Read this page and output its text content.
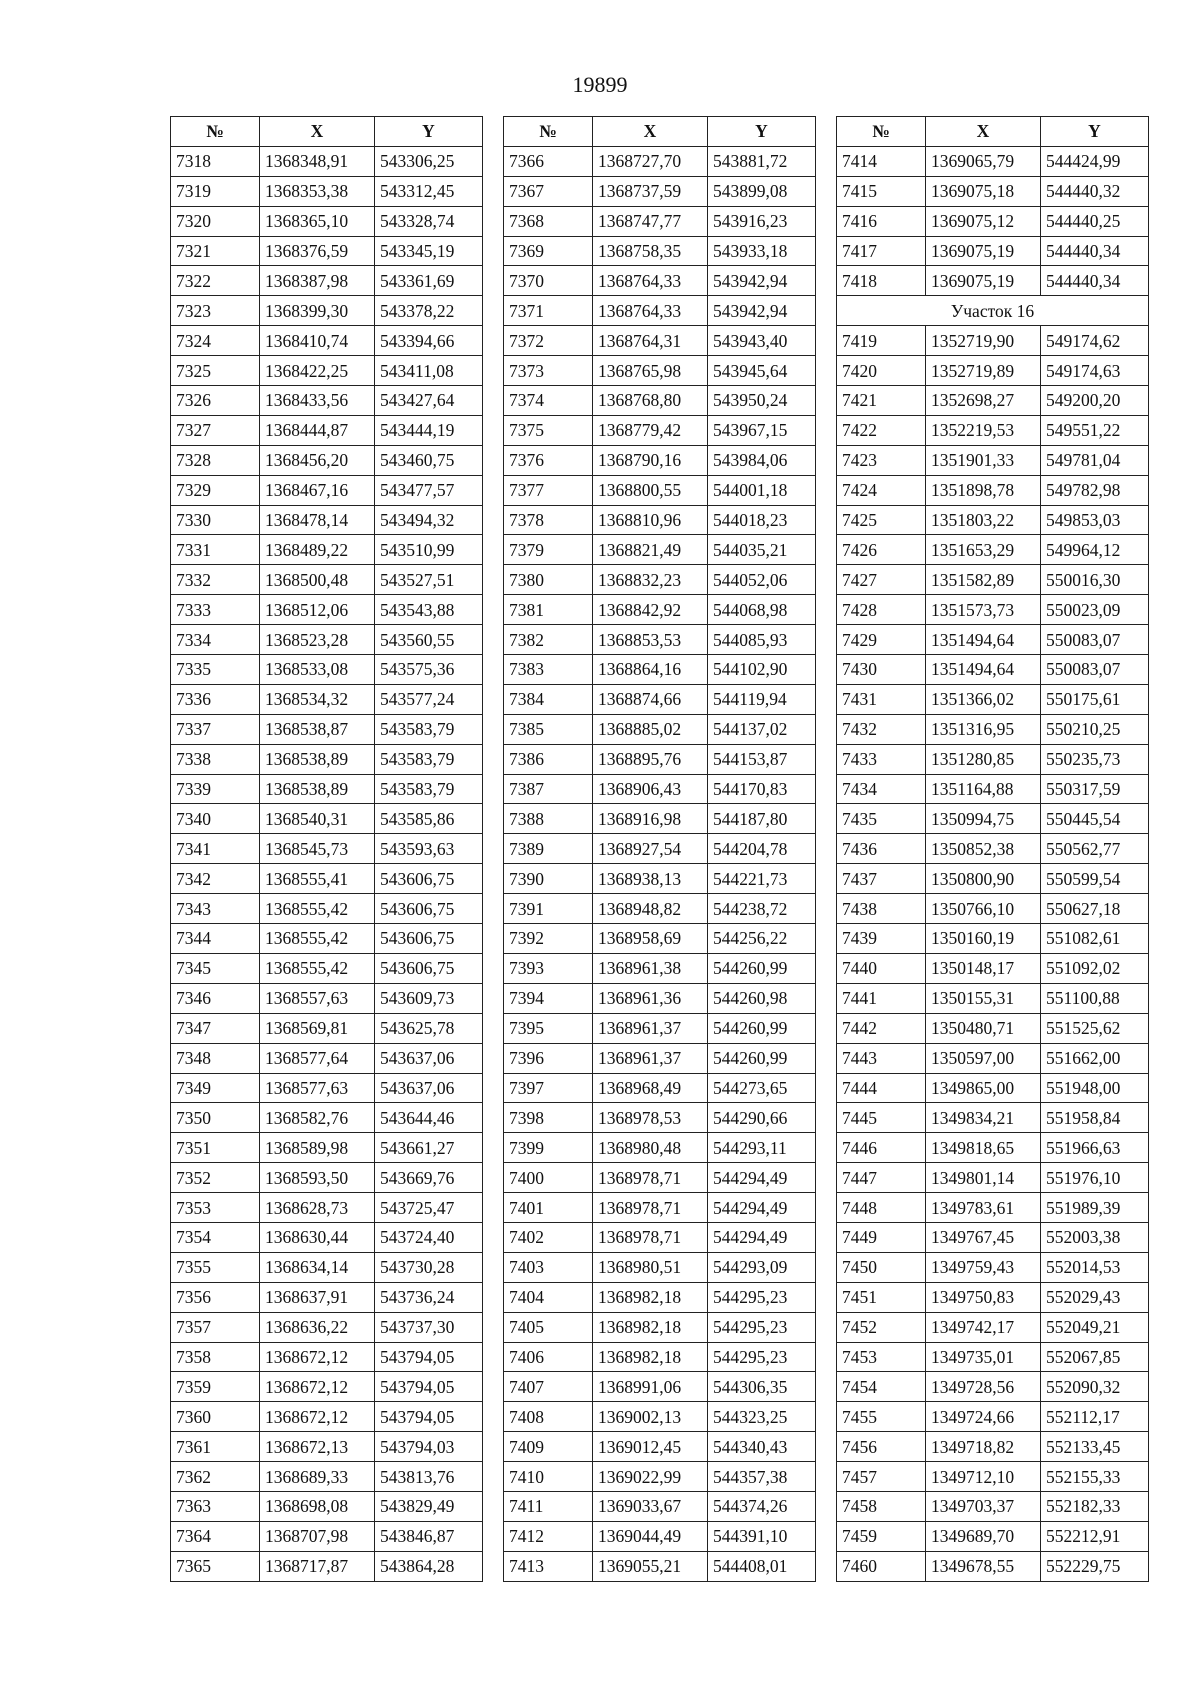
19899
№	X	Y
7318	1368348,91	543306,25
7319	1368353,38	543312,45
7320	1368365,10	543328,74
7321	1368376,59	543345,19
7322	1368387,98	543361,69
7323	1368399,30	543378,22
7324	1368410,74	543394,66
7325	1368422,25	543411,08
7326	1368433,56	543427,64
7327	1368444,87	543444,19
7328	1368456,20	543460,75
7329	1368467,16	543477,57
7330	1368478,14	543494,32
7331	1368489,22	543510,99
7332	1368500,48	543527,51
7333	1368512,06	543543,88
7334	1368523,28	543560,55
7335	1368533,08	543575,36
7336	1368534,32	543577,24
7337	1368538,87	543583,79
7338	1368538,89	543583,79
7339	1368538,89	543583,79
7340	1368540,31	543585,86
7341	1368545,73	543593,63
7342	1368555,41	543606,75
7343	1368555,42	543606,75
7344	1368555,42	543606,75
7345	1368555,42	543606,75
7346	1368557,63	543609,73
7347	1368569,81	543625,78
7348	1368577,64	543637,06
7349	1368577,63	543637,06
7350	1368582,76	543644,46
7351	1368589,98	543661,27
7352	1368593,50	543669,76
7353	1368628,73	543725,47
7354	1368630,44	543724,40
7355	1368634,14	543730,28
7356	1368637,91	543736,24
7357	1368636,22	543737,30
7358	1368672,12	543794,05
7359	1368672,12	543794,05
7360	1368672,12	543794,05
7361	1368672,13	543794,03
7362	1368689,33	543813,76
7363	1368698,08	543829,49
7364	1368707,98	543846,87
7365	1368717,87	543864,28
№	X	Y
7366	1368727,70	543881,72
7367	1368737,59	543899,08
7368	1368747,77	543916,23
7369	1368758,35	543933,18
7370	1368764,33	543942,94
7371	1368764,33	543942,94
7372	1368764,31	543943,40
7373	1368765,98	543945,64
7374	1368768,80	543950,24
7375	1368779,42	543967,15
7376	1368790,16	543984,06
7377	1368800,55	544001,18
7378	1368810,96	544018,23
7379	1368821,49	544035,21
7380	1368832,23	544052,06
7381	1368842,92	544068,98
7382	1368853,53	544085,93
7383	1368864,16	544102,90
7384	1368874,66	544119,94
7385	1368885,02	544137,02
7386	1368895,76	544153,87
7387	1368906,43	544170,83
7388	1368916,98	544187,80
7389	1368927,54	544204,78
7390	1368938,13	544221,73
7391	1368948,82	544238,72
7392	1368958,69	544256,22
7393	1368961,38	544260,99
7394	1368961,36	544260,98
7395	1368961,37	544260,99
7396	1368961,37	544260,99
7397	1368968,49	544273,65
7398	1368978,53	544290,66
7399	1368980,48	544293,11
7400	1368978,71	544294,49
7401	1368978,71	544294,49
7402	1368978,71	544294,49
7403	1368980,51	544293,09
7404	1368982,18	544295,23
7405	1368982,18	544295,23
7406	1368982,18	544295,23
7407	1368991,06	544306,35
7408	1369002,13	544323,25
7409	1369012,45	544340,43
7410	1369022,99	544357,38
7411	1369033,67	544374,26
7412	1369044,49	544391,10
7413	1369055,21	544408,01
№	X	Y
7414	1369065,79	544424,99
7415	1369075,18	544440,32
7416	1369075,12	544440,25
7417	1369075,19	544440,34
7418	1369075,19	544440,34
Участок 16		
7419	1352719,90	549174,62
7420	1352719,89	549174,63
7421	1352698,27	549200,20
7422	1352219,53	549551,22
7423	1351901,33	549781,04
7424	1351898,78	549782,98
7425	1351803,22	549853,03
7426	1351653,29	549964,12
7427	1351582,89	550016,30
7428	1351573,73	550023,09
7429	1351494,64	550083,07
7430	1351494,64	550083,07
7431	1351366,02	550175,61
7432	1351316,95	550210,25
7433	1351280,85	550235,73
7434	1351164,88	550317,59
7435	1350994,75	550445,54
7436	1350852,38	550562,77
7437	1350800,90	550599,54
7438	1350766,10	550627,18
7439	1350160,19	551082,61
7440	1350148,17	551092,02
7441	1350155,31	551100,88
7442	1350480,71	551525,62
7443	1350597,00	551662,00
7444	1349865,00	551948,00
7445	1349834,21	551958,84
7446	1349818,65	551966,63
7447	1349801,14	551976,10
7448	1349783,61	551989,39
7449	1349767,45	552003,38
7450	1349759,43	552014,53
7451	1349750,83	552029,43
7452	1349742,17	552049,21
7453	1349735,01	552067,85
7454	1349728,56	552090,32
7455	1349724,66	552112,17
7456	1349718,82	552133,45
7457	1349712,10	552155,33
7458	1349703,37	552182,33
7459	1349689,70	552212,91
7460	1349678,55	552229,75
